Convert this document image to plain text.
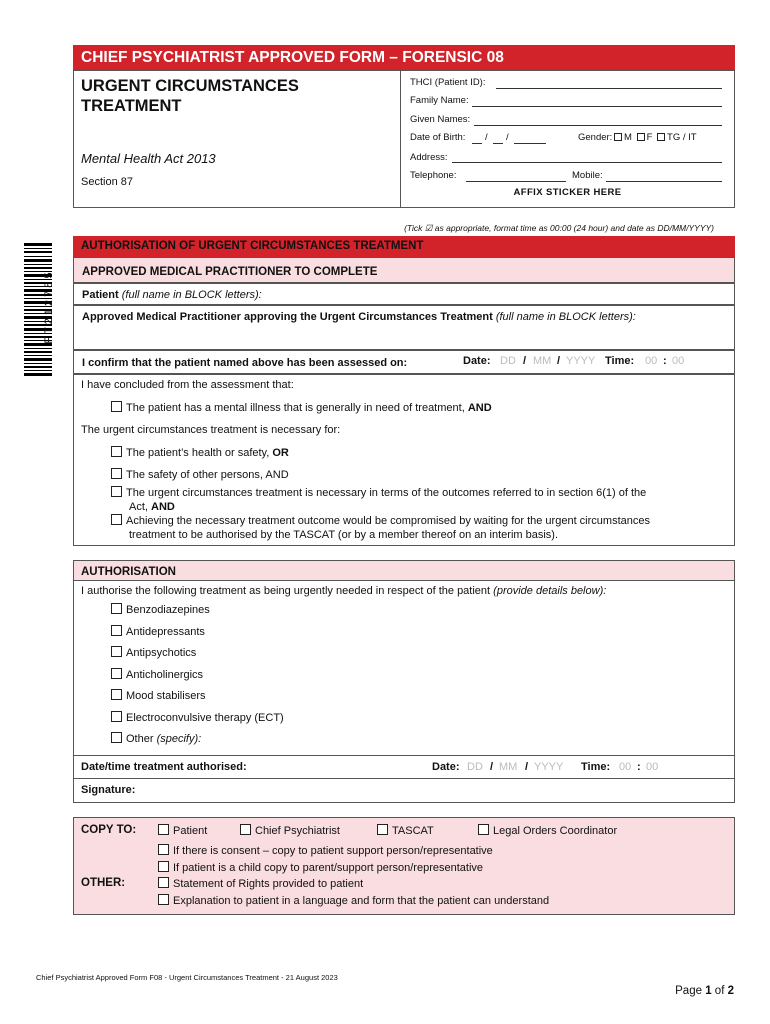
CHIEF PSYCHIATRIST APPROVED FORM – FORENSIC 08
URGENT CIRCUMSTANCES
TREATMENT
Mental Health Act 2013
Section 87
THCI (Patient ID):
Family Name:
Given Names:
Date of Birth: / /	Gender:	M F TG / IT
Address:
Telephone:	Mobile:
AFFIX STICKER HERE
(Tick ☑ as appropriate, format time as 00:00 (24 hour) and date as DD/MM/YYYY)
F T 2 1 2 7 8 5
AUTHORISATION OF URGENT CIRCUMSTANCES TREATMENT
APPROVED MEDICAL PRACTITIONER TO COMPLETE
Patient (full name in BLOCK letters):
Approved Medical Practitioner approving the Urgent Circumstances Treatment (full name in BLOCK letters):
I confirm that the patient named above has been assessed on:	Date: DD / MM / YYYY Time: 00 : 00
I have concluded from the assessment that:
The patient has a mental illness that is generally in need of treatment, AND
The urgent circumstances treatment is necessary for:
The patient’s health or safety, OR
The safety of other persons, AND
The urgent circumstances treatment is necessary in terms of the outcomes referred to in section 6(1) of the
Act, AND
Achieving the necessary treatment outcome would be compromised by waiting for the urgent circumstances
treatment to be authorised by the TASCAT (or by a member thereof on an interim basis).
AUTHORISATION
I authorise the following treatment as being urgently needed in respect of the patient (provide details below):
Benzodiazepines
Antidepressants
Antipsychotics
Anticholinergics
Mood stabilisers
Electroconvulsive therapy (ECT)
Other (specify):
Date/time treatment authorised:	Date: DD / MM / YYYY Time: 00 : 00
Signature:
COPY TO:	Patient	Chief Psychiatrist	TASCAT	Legal Orders Coordinator
OTHER:
If there is consent – copy to patient support person/representative
If patient is a child copy to parent/support person/representative
Statement of Rights provided to patient
Explanation to patient in a language and form that the patient can understand
Chief Psychiatrist Approved Form F08 - Urgent Circumstances Treatment - 21 August 2023
Page 1 of 2
